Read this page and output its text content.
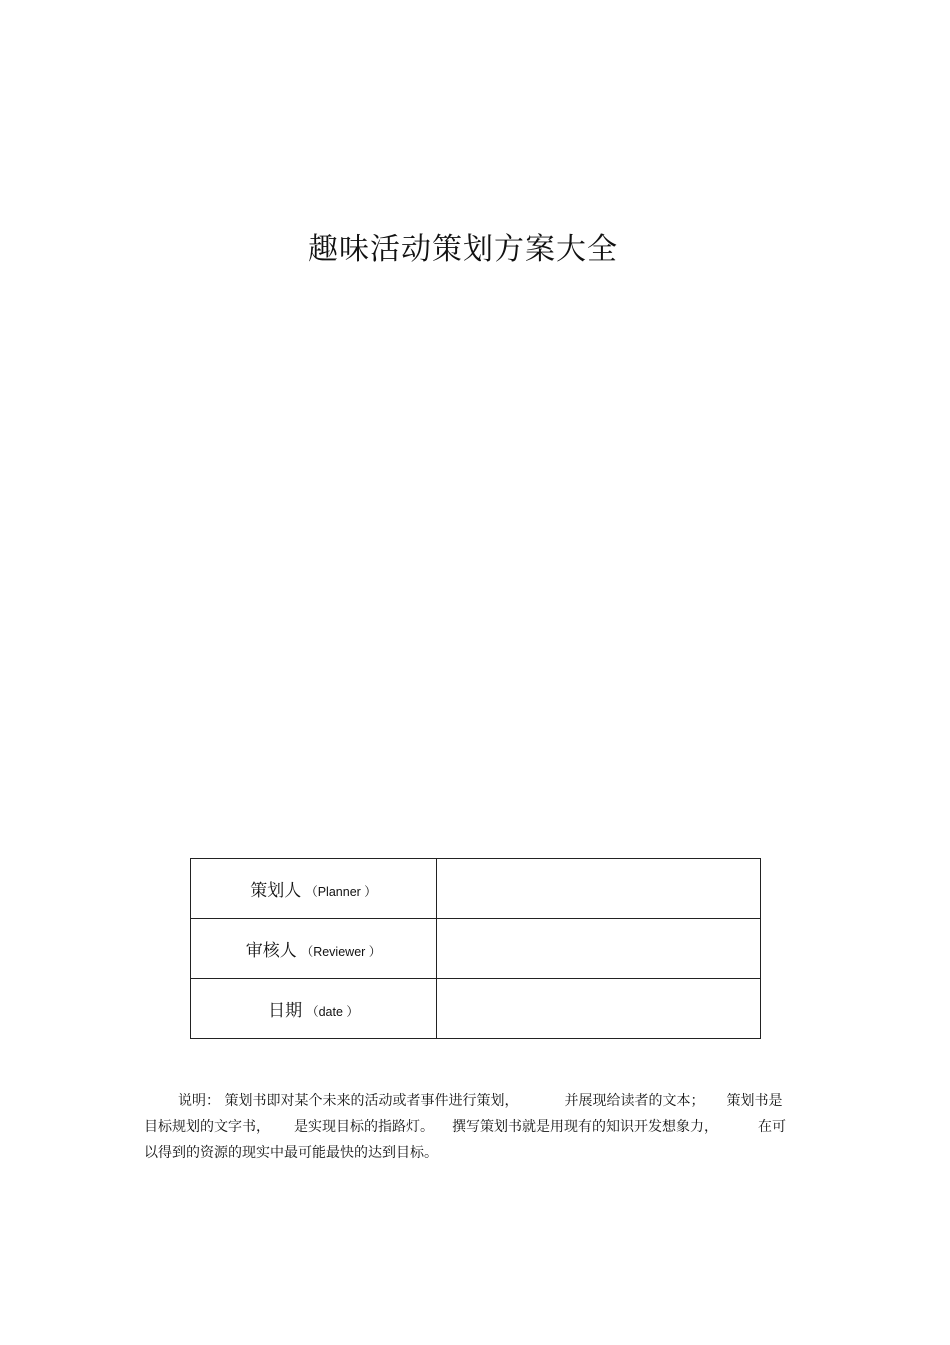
趣味活动策划方案大全
策划人 （Planner ）	
审核人 （Reviewer ）	
日期 （date ）	
说明： 策划书即对某个未来的活动或者事件进行策划，	并展现给读者的文本； 策划书是
目标规划的文字书， 是实现目标的指路灯。 撰写策划书就是用现有的知识开发想象力，	在可
以得到的资源的现实中最可能最快的达到目标。
